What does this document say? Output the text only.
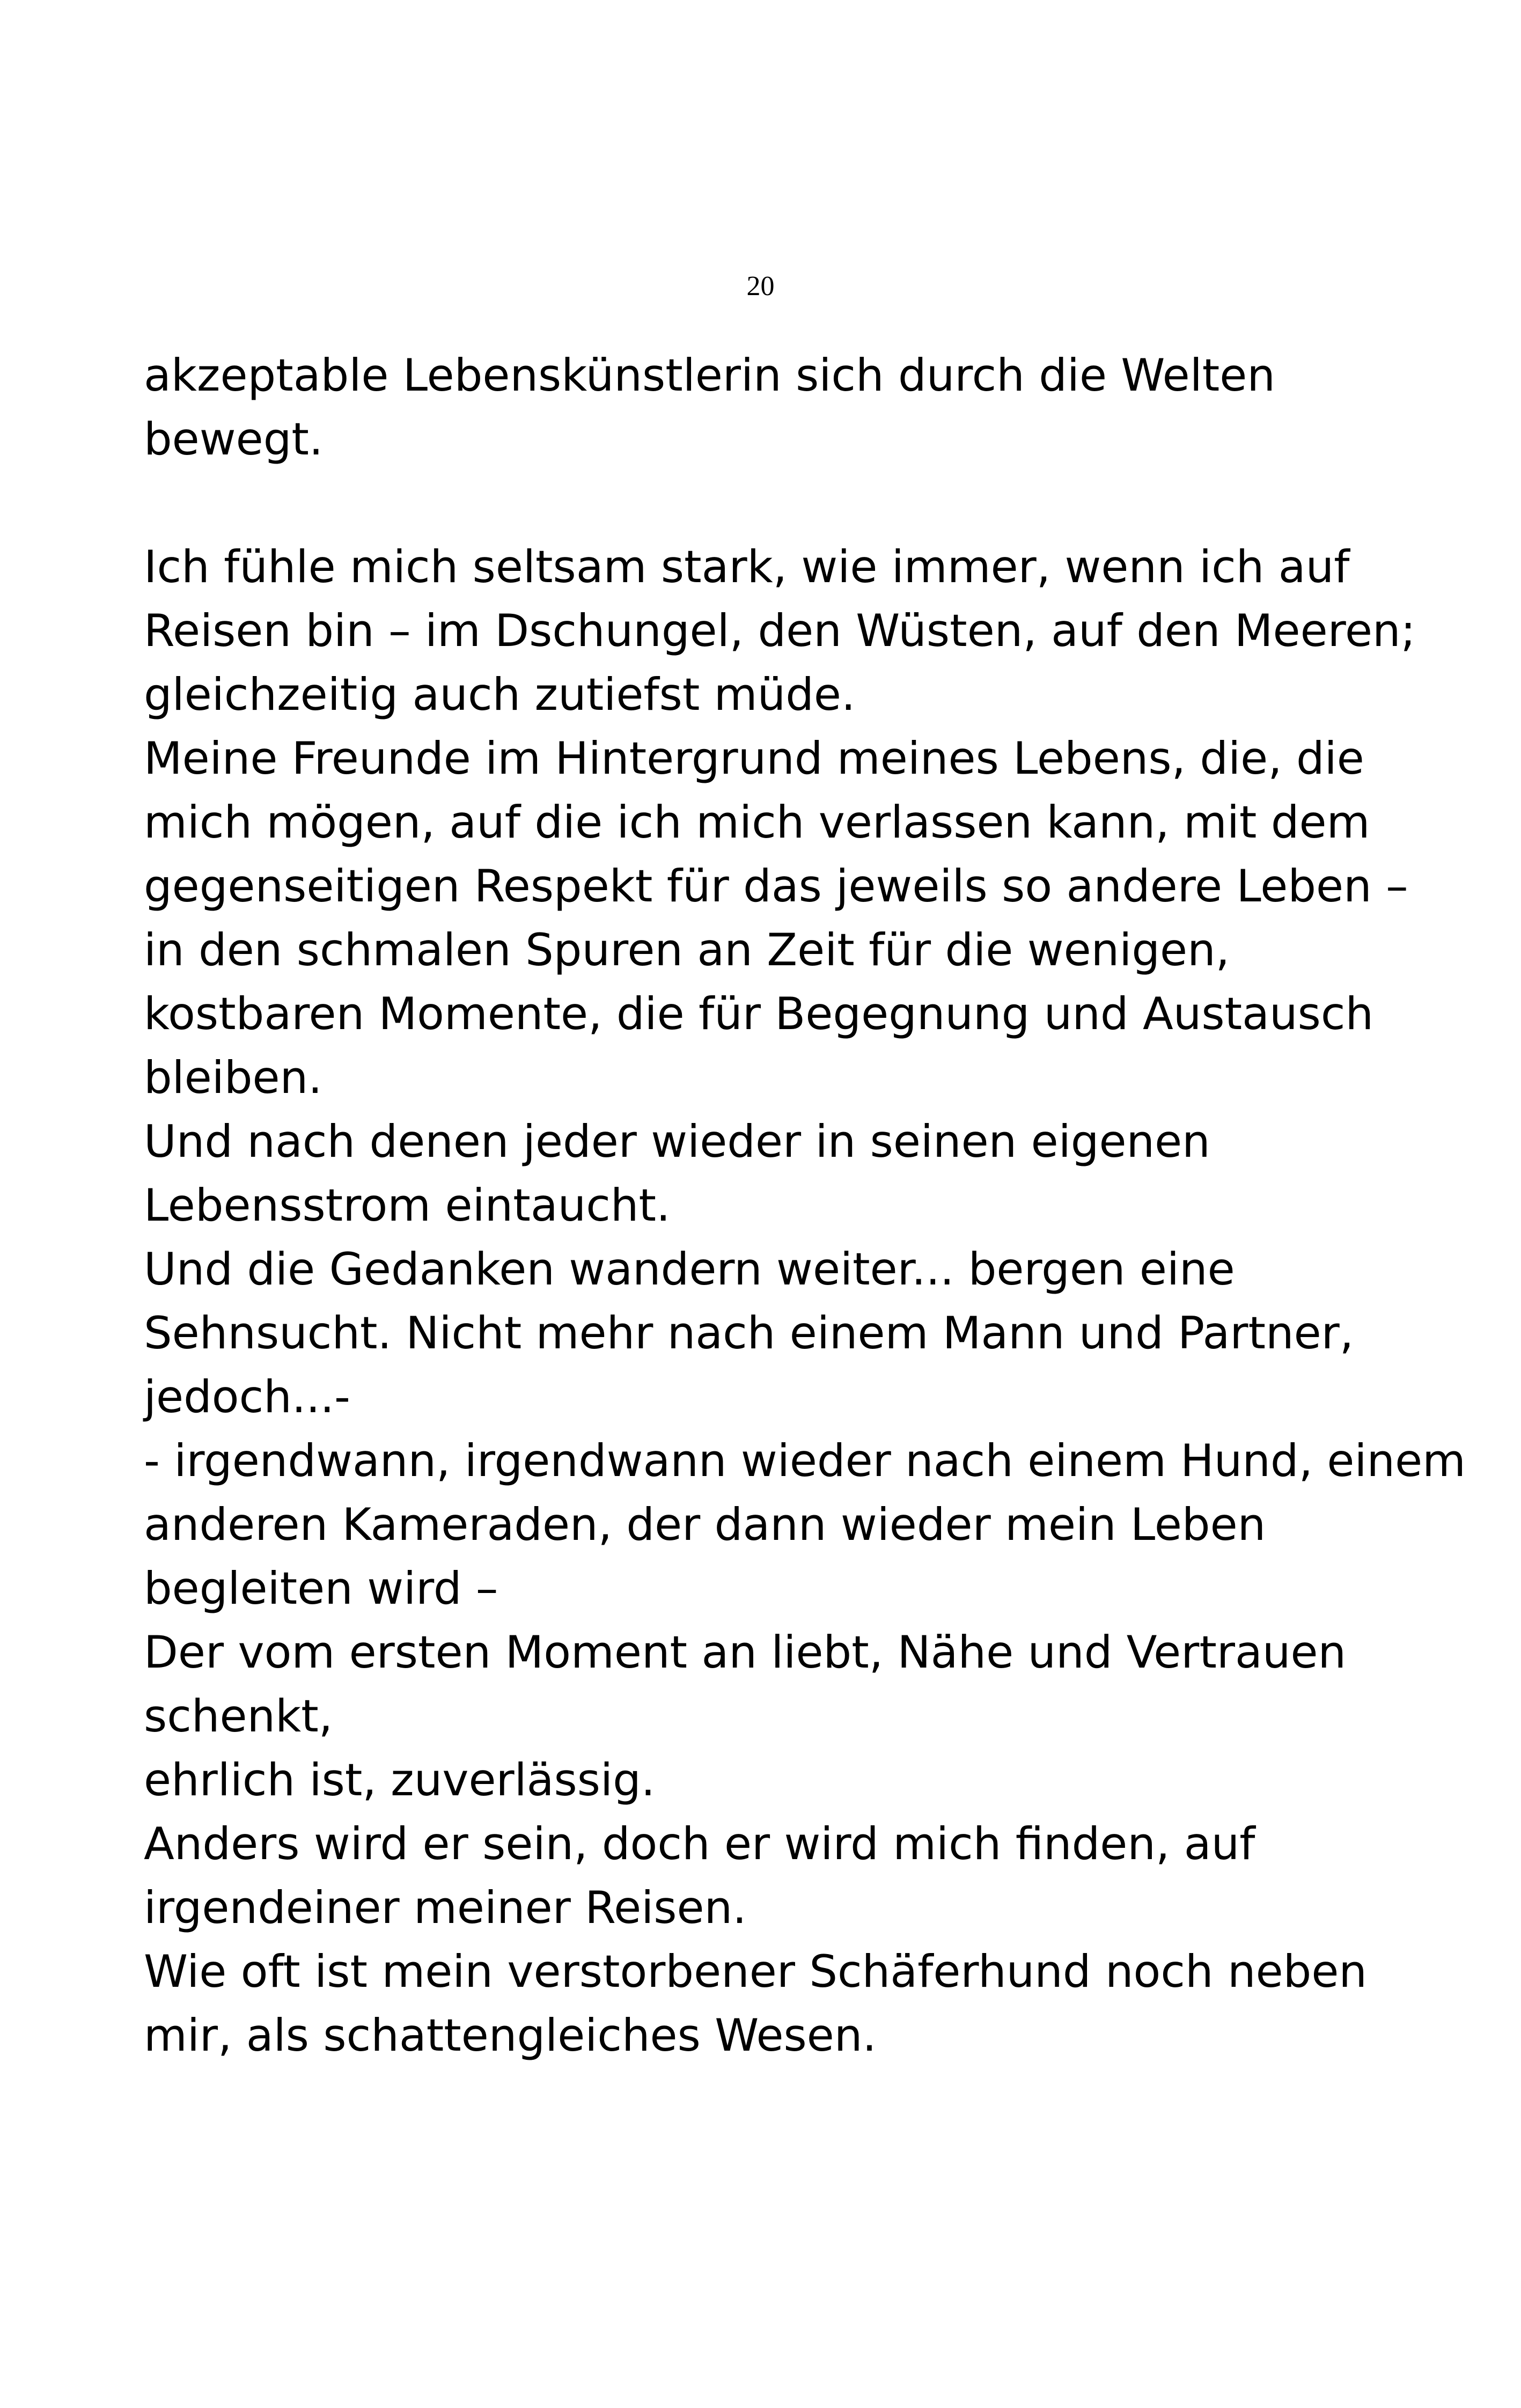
20
akzeptable Lebenskünstlerin sich durch die Welten
bewegt.
Ich fühle mich seltsam stark, wie immer, wenn ich auf
Reisen bin – im Dschungel, den Wüsten, auf den Meeren;
gleichzeitig auch zutiefst müde.
Meine Freunde im Hintergrund meines Lebens, die, die
mich mögen, auf die ich mich verlassen kann, mit dem
gegenseitigen Respekt für das jeweils so andere Leben –
in den schmalen Spuren an Zeit für die wenigen,
kostbaren Momente, die für Begegnung und Austausch
bleiben.
Und nach denen jeder wieder in seinen eigenen
Lebensstrom eintaucht.
Und die Gedanken wandern weiter... bergen eine
Sehnsucht. Nicht mehr nach einem Mann und Partner,
jedoch...-
- irgendwann, irgendwann wieder nach einem Hund, einem
anderen Kameraden, der dann wieder mein Leben
begleiten wird –
Der vom ersten Moment an liebt, Nähe und Vertrauen
schenkt,
ehrlich ist, zuverlässig.
Anders wird er sein, doch er wird mich finden, auf
irgendeiner meiner Reisen.
Wie oft ist mein verstorbener Schäferhund noch neben
mir, als schattengleiches Wesen.
